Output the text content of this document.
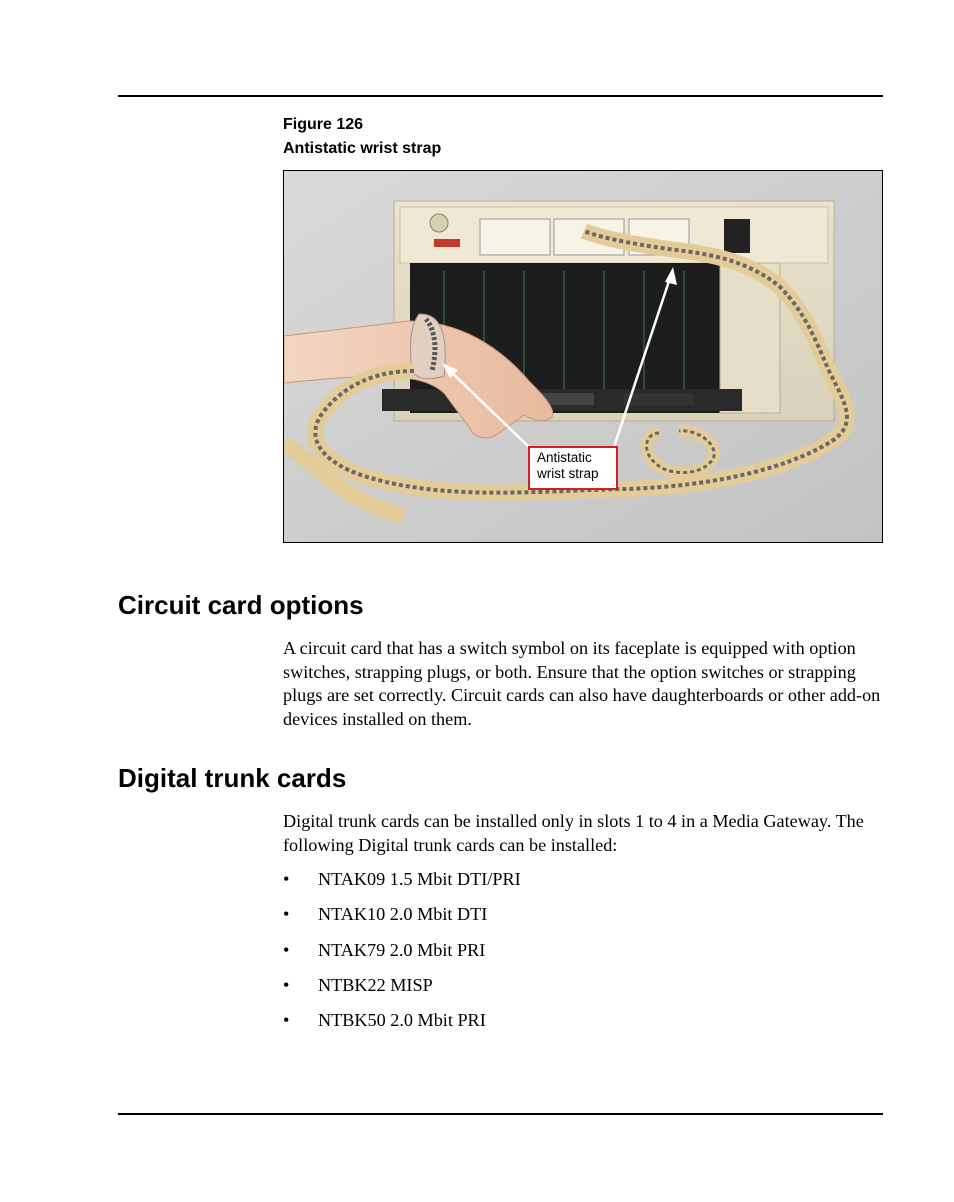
Figure 126
Antistatic wrist strap
Antistatic
wrist strap
Circuit card options

A circuit card that has a switch symbol on its faceplate is equipped with option switches, strapping plugs, or both. Ensure that the option switches or strapping plugs are set correctly. Circuit cards can also have daughterboards or other add-on devices installed on them.

Digital trunk cards

Digital trunk cards can be installed only in slots 1 to 4 in a Media Gateway. The following Digital trunk cards can be installed:

• NTAK09 1.5 Mbit DTI/PRI
• NTAK10 2.0 Mbit DTI
• NTAK79 2.0 Mbit PRI
• NTBK22 MISP
• NTBK50 2.0 Mbit PRI
